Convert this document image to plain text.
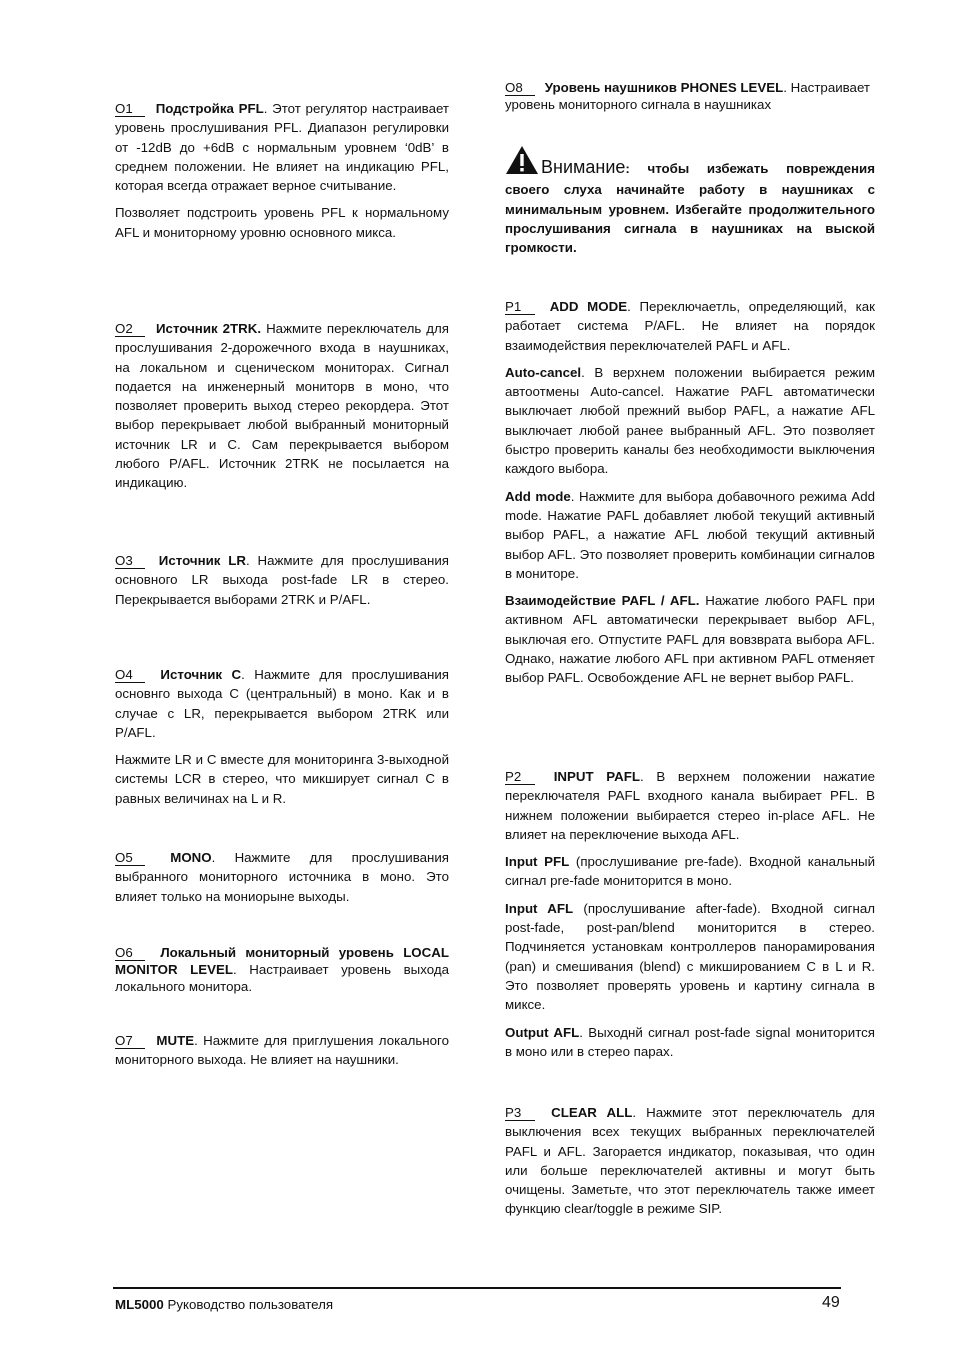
O1 Подстройка PFL. Этот регулятор настраивает уровень прослушивания PFL. Диапазон регулировки от -12dB до +6dB с нормальным уровнем ‘0dB’ в среднем положении. Не влияет на индикацию PFL, которая всегда отражает верное считывание.

Позволяет подстроить уровень PFL к нормальному AFL и мониторному уровню основного микса.

O2 Источник 2TRK. Нажмите переключатель для прослушивания 2-дорожечного входа в наушниках, на локальном и сценическом мониторах. Сигнал подается на инженерный мониторв в моно, что позволяет проверить выход стерео рекордера. Этот выбор перекрывает любой выбранный мониторный источник LR и C. Сам перекрывается выбором любого P/AFL. Источник 2TRK не посылается на индикацию.

O3 Источник LR. Нажмите для прослушивания основного LR выхода post-fade LR в стерео. Перекрывается выборами 2TRK и P/AFL.

O4 Источник C. Нажмите для прослушивания основнго выхода C (центральный) в моно. Как и в случае с LR, перекрывается выбором 2TRK или P/AFL.

Нажмите LR и C вместе для мониторинга 3-выходной системы LCR в стерео, что микширует сигнал C в равных величинах на L и R.

O5	MONO. Нажмите для прослушивания выбранного мониторного источника в моно. Это влияет только на мониорыне выходы.

O6 Локальный мониторный уровень LOCAL MONITOR LEVEL. Настраивает уровень выхода локального монитора.

O7 MUTE. Нажмите для приглушения локального мониторного выхода. Не влияет на наушники.

O8 Уровень наушников PHONES LEVEL. Настраивает уровень мониторного сигнала в наушниках

Внимание: чтобы избежать повреждения своего слуха начинайте работу в наушниках с минимальным уровнем. Избегайте продолжительного прослушивания сигнала в наушниках на выской громкости.

P1 ADD MODE. Переключаетль, определяющий, как работает система P/AFL. Не влияет на порядок взаимодействия переключателей PAFL и AFL.

Auto-cancel. В верхнем положении выбирается режим автоотмены Auto-cancel. Нажатие PAFL автоматически выключает любой прежний выбор PAFL, а нажатие AFL выключает любой ранее выбранный AFL. Это позволяет быстро проверить каналы без необходимости выключения каждого выбора.

Add mode. Нажмите для выбора добавочного режима Add mode. Нажатие PAFL добавляет любой текущий активный выбор PAFL, а нажатие AFL любой текущий активный выбор AFL. Это позволяет проверить комбинации сигналов в мониторе.

Взаимодействие PAFL / AFL. Нажатие любого PAFL при активном AFL автоматически перекрывает выбор AFL, выключая его. Отпустите PAFL для вовзврата выбора AFL. Однако, нажатие любого AFL при активном PAFL отменяет выбор PAFL. Освобождение AFL не вернет выбор PAFL.

P2 INPUT PAFL. В верхнем положении нажатие переключателя PAFL входного канала выбирает PFL. В нижнем положении выбирается стерео in-place AFL. Не влияет на переключение выхода AFL.

Input PFL (прослушивание pre-fade). Входной канальный сигнал pre-fade мониторится в моно.

Input AFL (прослушивание after-fade). Входной сигнал post-fade, post-pan/blend мониторится в стерео. Подчиняется установкам контроллеров панорамирования (pan) и смешивания (blend) с микшированием C в L и R. Это позволяет проверять уровень и картину сигнала в миксе.

Output AFL. Выходнй сигнал post-fade signal мониторится в моно или в стерео парах.

P3 CLEAR ALL. Нажмите этот переключатель для выключения всех текущих выбранных переключателей PAFL и AFL. Загорается индикатор, показывая, что один или больше переключателей активны и могут быть очищены. Заметьте, что этот переключатель также имеет функцию clear/toggle в режиме SIP.

ML5000 Руководство пользователя	49
